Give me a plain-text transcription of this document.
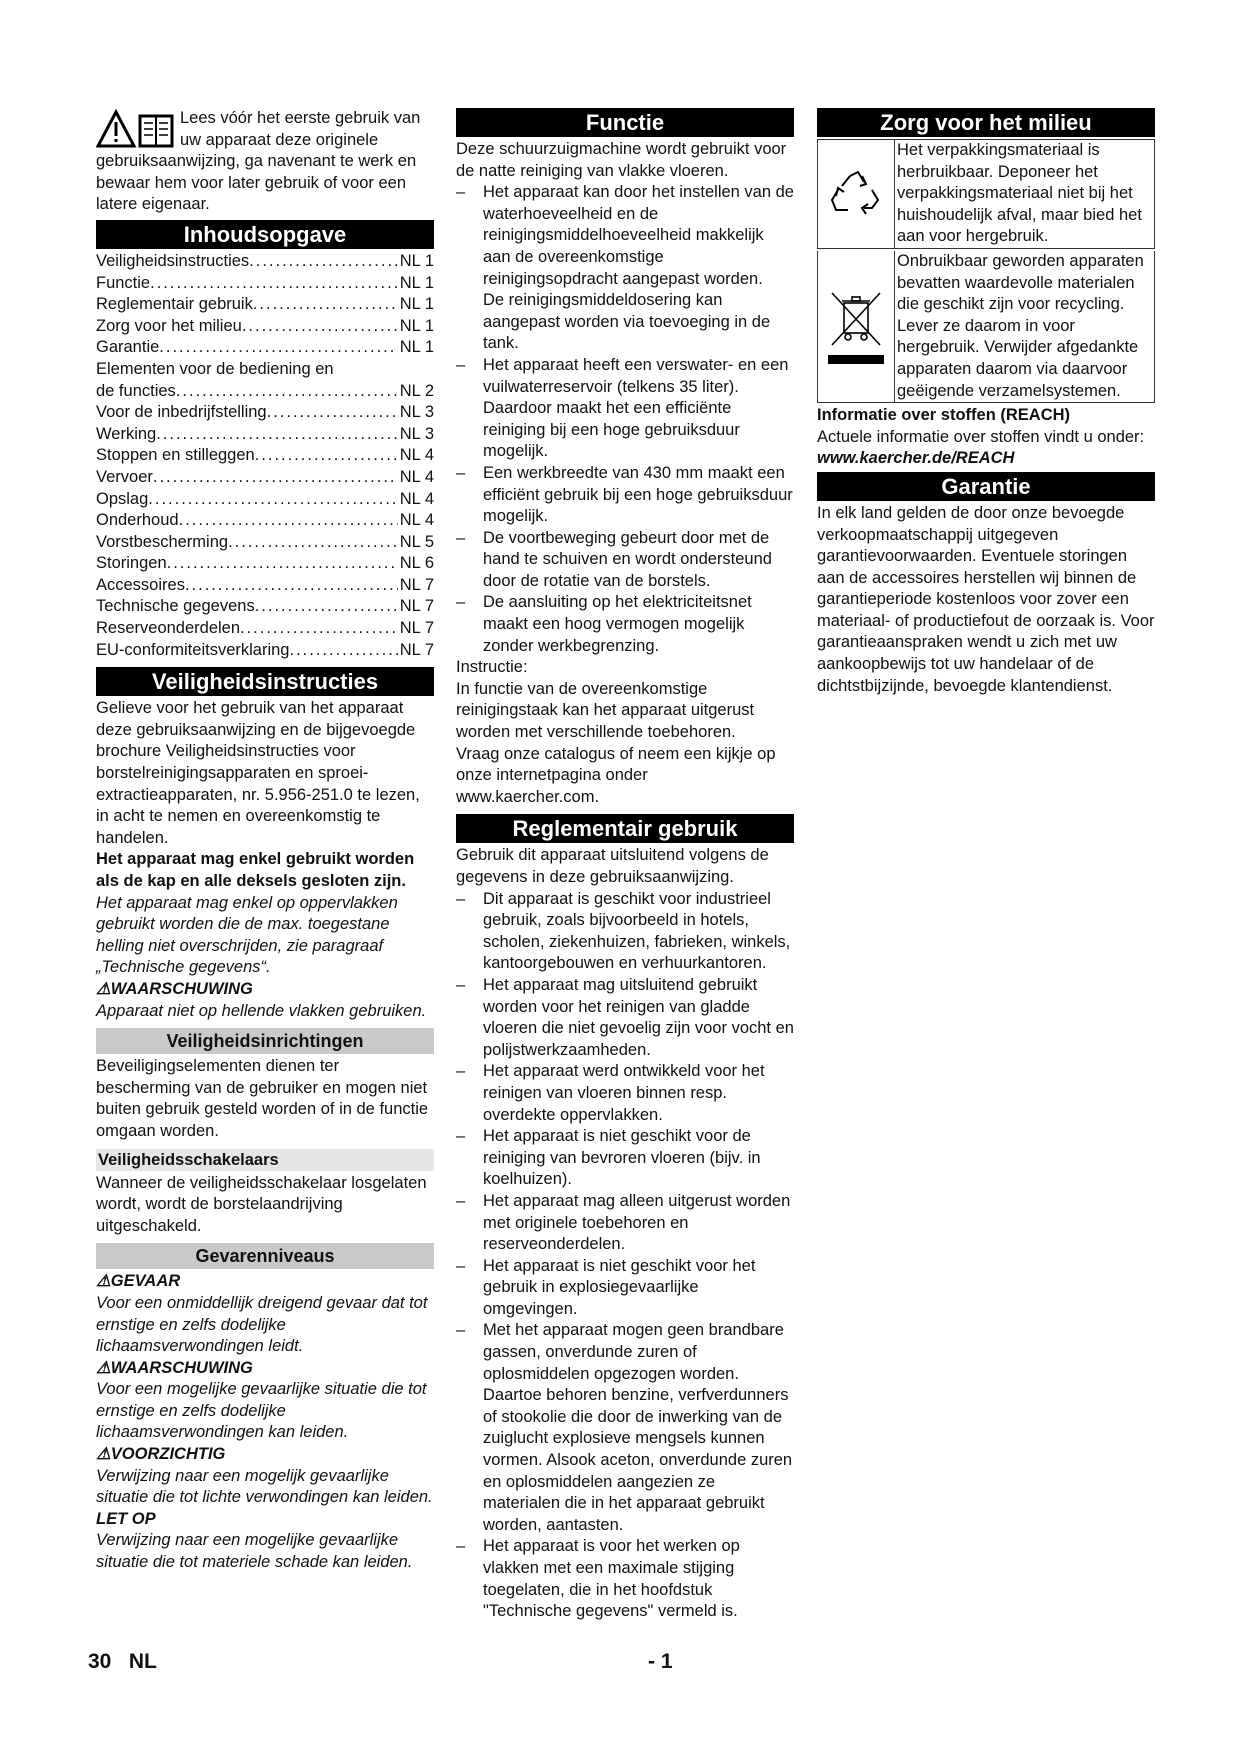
Lees vóór het eerste gebruik van uw apparaat deze originele gebruiksaanwijzing, ga navenant te werk en bewaar hem voor later gebruik of voor een latere eigenaar.

Inhoudsopgave
Veiligheidsinstructies .....	NL 1
Functie .....	NL 1
Reglementair gebruik .....	NL 1
Zorg voor het milieu .....	NL 1
Garantie .....	NL 1
Elementen voor de bediening en
de functies .....	NL 2
Voor de inbedrijfstelling .....	NL 3
Werking .....	NL 3
Stoppen en stilleggen .....	NL 4
Vervoer .....	NL 4
Opslag .....	NL 4
Onderhoud .....	NL 4
Vorstbescherming .....	NL 5
Storingen .....	NL 6
Accessoires .....	NL 7
Technische gegevens .....	NL 7
Reserveonderdelen .....	NL 7
EU-conformiteitsverklaring .....	NL 7
Veiligheidsinstructies

Gelieve voor het gebruik van het apparaat deze gebruiksaanwijzing en de bijgevoegde brochure Veiligheidsinstructies voor borstelreinigingsapparaten en sproei-extractieapparaten, nr. 5.956-251.0 te lezen, in acht te nemen en overeenkomstig te handelen.

Het apparaat mag enkel gebruikt worden als de kap en alle deksels gesloten zijn.

Het apparaat mag enkel op oppervlakken gebruikt worden die de max. toegestane helling niet overschrijden, zie paragraaf „Technische gegevens“.

⚠WAARSCHUWING

Apparaat niet op hellende vlakken gebruiken.

Veiligheidsinrichtingen

Beveiligingselementen dienen ter bescherming van de gebruiker en mogen niet buiten gebruik gesteld worden of in de functie omgaan worden.

Veiligheidsschakelaars

Wanneer de veiligheidsschakelaar losgelaten wordt, wordt de borstelaandrijving uitgeschakeld.

Gevarenniveaus

⚠GEVAAR

Voor een onmiddellijk dreigend gevaar dat tot ernstige en zelfs dodelijke lichaamsverwondingen leidt.

⚠WAARSCHUWING

Voor een mogelijke gevaarlijke situatie die tot ernstige en zelfs dodelijke lichaamsverwondingen kan leiden.

⚠VOORZICHTIG

Verwijzing naar een mogelijk gevaarlijke situatie die tot lichte verwondingen kan leiden.

LET OP

Verwijzing naar een mogelijke gevaarlijke situatie die tot materiele schade kan leiden.

Functie

Deze schuurzuigmachine wordt gebruikt voor de natte reiniging van vlakke vloeren.

– Het apparaat kan door het instellen van de waterhoeveelheid en de reinigingsmiddelhoeveelheid makkelijk aan de overeenkomstige reinigingsopdracht aangepast worden.
De reinigingsmiddeldosering kan aangepast worden via toevoeging in de tank.
– Het apparaat heeft een verswater- en een vuilwaterreservoir (telkens 35 liter). Daardoor maakt het een efficiënte reiniging bij een hoge gebruiksduur mogelijk.
– Een werkbreedte van 430 mm maakt een efficiënt gebruik bij een hoge gebruiksduur mogelijk.
– De voortbeweging gebeurt door met de hand te schuiven en wordt ondersteund door de rotatie van de borstels.
– De aansluiting op het elektriciteitsnet maakt een hoog vermogen mogelijk zonder werkbegrenzing.

Instructie:

In functie van de overeenkomstige reinigingstaak kan het apparaat uitgerust worden met verschillende toebehoren.
Vraag onze catalogus of neem een kijkje op onze internetpagina onder www.kaercher.com.

Reglementair gebruik

Gebruik dit apparaat uitsluitend volgens de gegevens in deze gebruiksaanwijzing.

– Dit apparaat is geschikt voor industrieel gebruik, zoals bijvoorbeeld in hotels, scholen, ziekenhuizen, fabrieken, winkels, kantoorgebouwen en verhuurkantoren.
– Het apparaat mag uitsluitend gebruikt worden voor het reinigen van gladde vloeren die niet gevoelig zijn voor vocht en polijstwerkzaamheden.
– Het apparaat werd ontwikkeld voor het reinigen van vloeren binnen resp. overdekte oppervlakken.
– Het apparaat is niet geschikt voor de reiniging van bevroren vloeren (bijv. in koelhuizen).
– Het apparaat mag alleen uitgerust worden met originele toebehoren en reserveonderdelen.
– Het apparaat is niet geschikt voor het gebruik in explosiegevaarlijke omgevingen.
– Met het apparaat mogen geen brandbare gassen, onverdunde zuren of oplosmiddelen opgezogen worden.
Daartoe behoren benzine, verfverdunners of stookolie die door de inwerking van de zuiglucht explosieve mengsels kunnen vormen. Alsook aceton, onverdunde zuren en oplosmiddelen aangezien ze materialen die in het apparaat gebruikt worden, aantasten.
– Het apparaat is voor het werken op vlakken met een maximale stijging toegelaten, die in het hoofdstuk "Technische gegevens" vermeld is.
Zorg voor het milieu
Het verpakkingsmateriaal is herbruikbaar. Deponeer het verpakkingsmateriaal niet bij het huishoudelijk afval, maar bied het aan voor hergebruik.
Onbruikbaar geworden apparaten bevatten waardevolle materialen die geschikt zijn voor recycling. Lever ze daarom in voor hergebruik. Verwijder afgedankte apparaten daarom via daarvoor geëigende verzamelsystemen.

Informatie over stoffen (REACH)

Actuele informatie over stoffen vindt u onder:

www.kaercher.de/REACH

Garantie

In elk land gelden de door onze bevoegde verkoopmaatschappij uitgegeven garantievoorwaarden. Eventuele storingen aan de accessoires herstellen wij binnen de garantieperiode kostenloos voor zover een materiaal- of productiefout de oorzaak is. Voor garantieaanspraken wendt u zich met uw aankoopbewijs tot uw handelaar of de dichtstbijzijnde, bevoegde klantendienst.

30   NL	- 1
